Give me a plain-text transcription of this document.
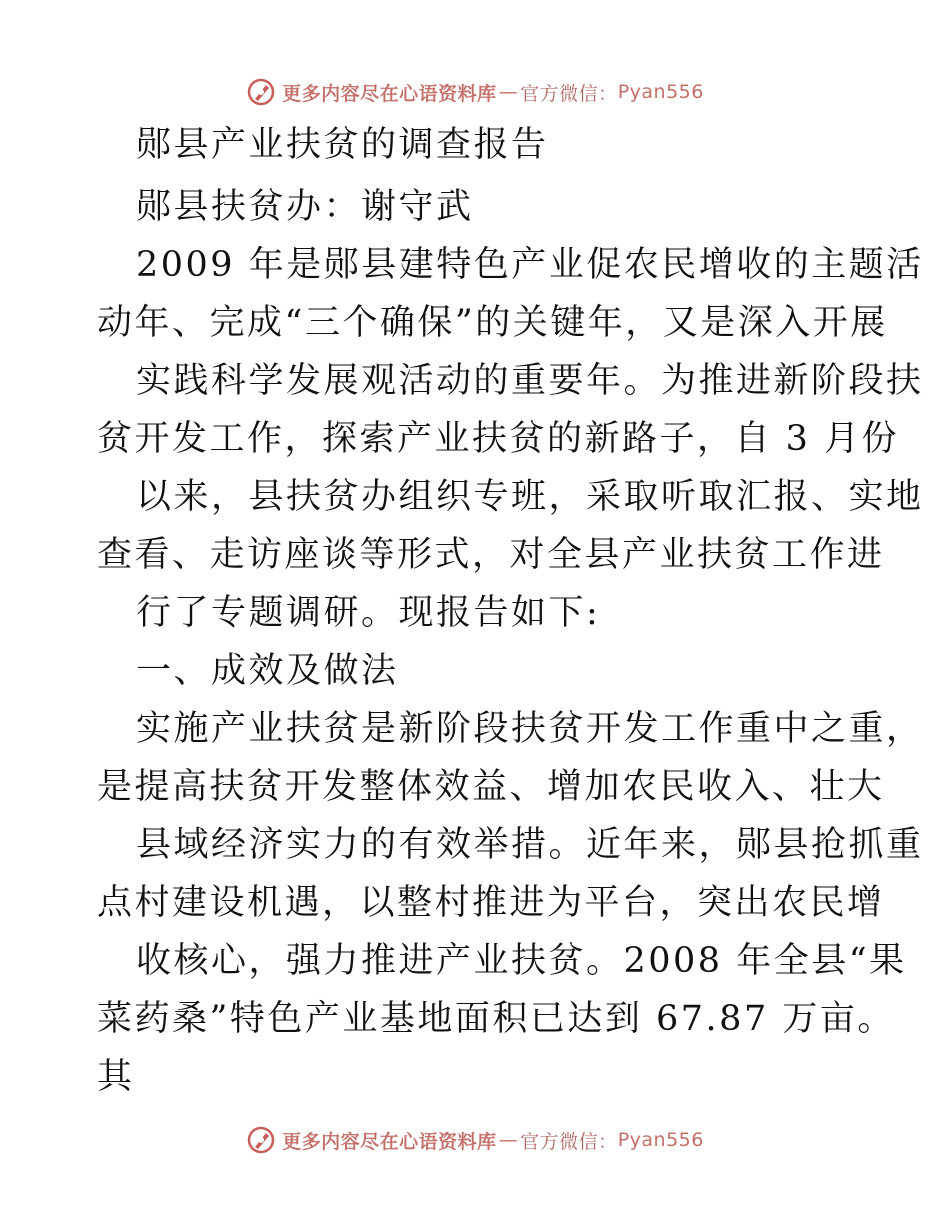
更多内容尽在心语资料库 — 官方微信： Pyan556
郧县产业扶贫的调查报告
郧县扶贫办：谢守武
2009 年是郧县建特色产业促农民增收的主题活
动年、完成“三个确保”的关键年，又是深入开展
实践科学发展观活动的重要年。为推进新阶段扶
贫开发工作，探索产业扶贫的新路子，自 3 月份
以来，县扶贫办组织专班，采取听取汇报、实地
查看、走访座谈等形式，对全县产业扶贫工作进
行了专题调研。现报告如下:
一、成效及做法
实施产业扶贫是新阶段扶贫开发工作重中之重，
是提高扶贫开发整体效益、增加农民收入、壮大
县域经济实力的有效举措。近年来，郧县抢抓重
点村建设机遇，以整村推进为平台，突出农民增
收核心，强力推进产业扶贫。2008 年全县“果
菜药桑”特色产业基地面积已达到 67.87 万亩。
其
更多内容尽在心语资料库 — 官方微信： Pyan556
